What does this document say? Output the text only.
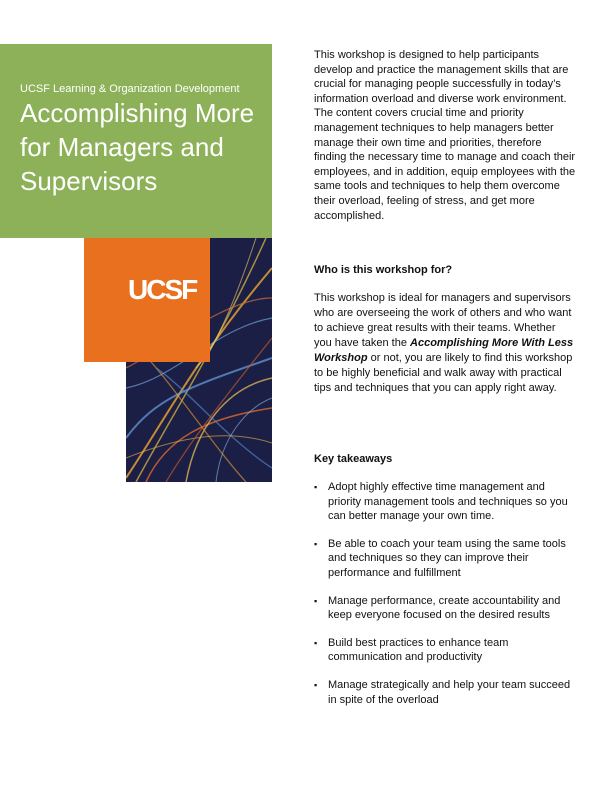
UCSF Learning & Organization Development
Accomplishing More for Managers and Supervisors
UCSF

This workshop is designed to help participants develop and practice the management skills that are crucial for managing people successfully in today’s information overload and diverse work environment. The content covers crucial time and priority management techniques to help managers better manage their own time and priorities, therefore finding the necessary time to manage and coach their employees, and in addition, equip employees with the same tools and techniques to help them overcome their overload, feeling of stress, and get more accomplished.

Who is this workshop for?

This workshop is ideal for managers and supervisors who are overseeing the work of others and who want to achieve great results with their teams. Whether you have taken the Accomplishing More With Less Workshop or not, you are likely to find this workshop to be highly beneficial and walk away with practical tips and techniques that you can apply right away.

Key takeaways
▪ Adopt highly effective time management and priority management tools and techniques so you can better manage your own time.
▪ Be able to coach your team using the same tools and techniques so they can improve their performance and fulfillment
▪ Manage performance, create accountability and keep everyone focused on the desired results
▪ Build best practices to enhance team communication and productivity
▪ Manage strategically and help your team succeed in spite of the overload
